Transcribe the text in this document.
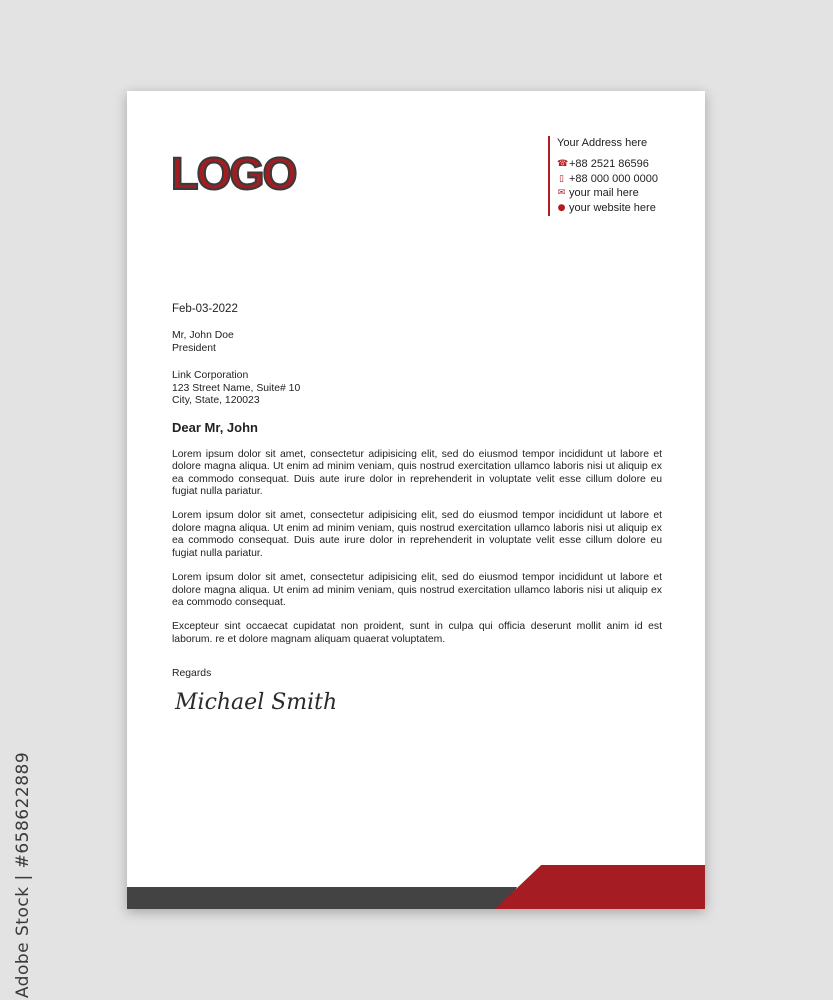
Adobe Stock | #658622889
LOGO
Your Address here
☎ +88 2521 86596
▯ +88 000 000 0000
✉ your mail here
● your website here
Feb-03-2022
Mr, John Doe
President
Link Corporation
123 Street Name, Suite# 10
City, State, 120023
Dear Mr, John

Lorem ipsum dolor sit amet, consectetur adipisicing elit, sed do eiusmod tempor incididunt ut labore et dolore magna aliqua. Ut enim ad minim veniam, quis nostrud exercitation ullamco laboris nisi ut aliquip ex ea commodo consequat. Duis aute irure dolor in reprehenderit in voluptate velit esse cillum dolore eu fugiat nulla pariatur.

Lorem ipsum dolor sit amet, consectetur adipisicing elit, sed do eiusmod tempor incididunt ut labore et dolore magna aliqua. Ut enim ad minim veniam, quis nostrud exercitation ullamco laboris nisi ut aliquip ex ea commodo consequat. Duis aute irure dolor in reprehenderit in voluptate velit esse cillum dolore eu fugiat nulla pariatur.

Lorem ipsum dolor sit amet, consectetur adipisicing elit, sed do eiusmod tempor incididunt ut labore et dolore magna aliqua. Ut enim ad minim veniam, quis nostrud exercitation ullamco laboris nisi ut aliquip ex ea commodo consequat.

Excepteur sint occaecat cupidatat non proident, sunt in culpa qui officia deserunt mollit anim id est laborum. re et dolore magnam aliquam quaerat voluptatem.

Regards
Michael Smith
